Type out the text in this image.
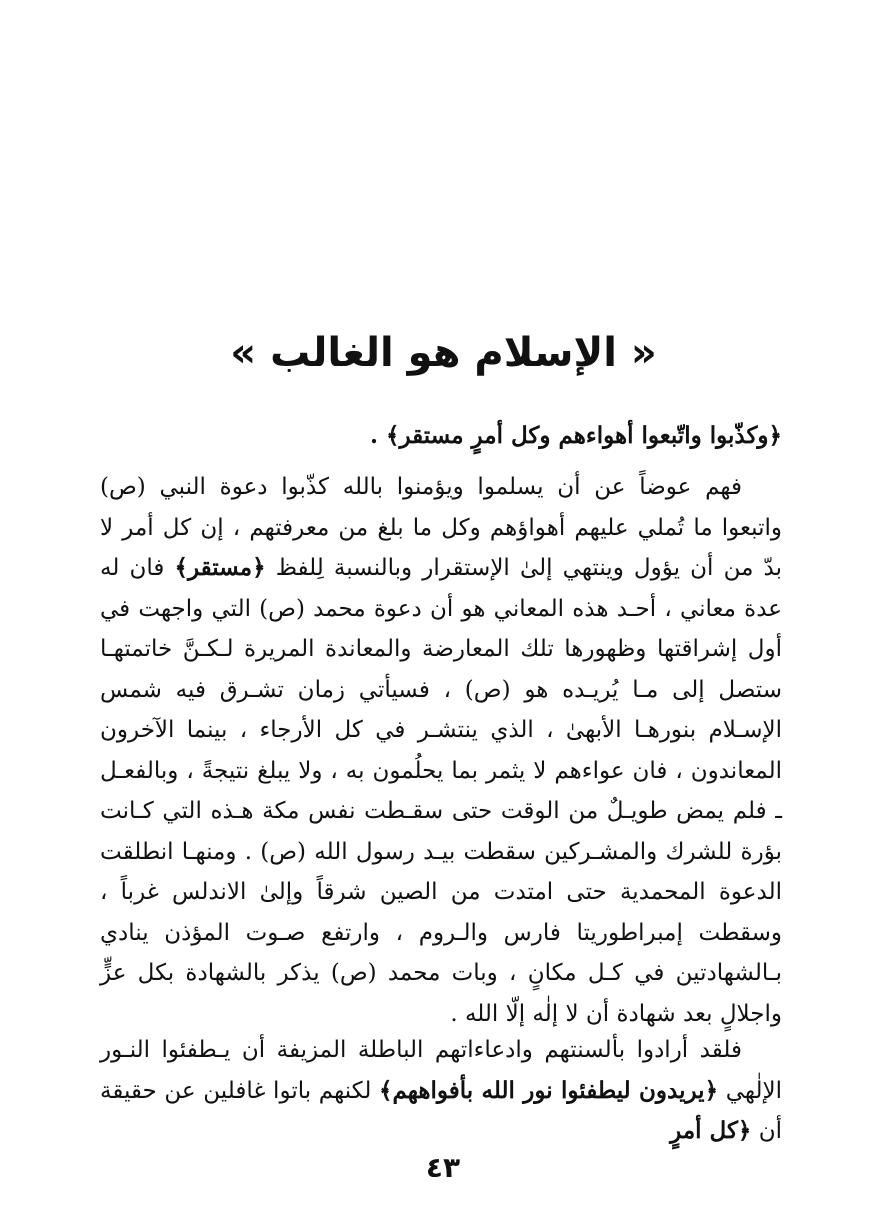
« الإسلام هو الغالب »
﴿وكذّبوا واتّبعوا أهواءهم وكل أمرٍ مستقر﴾ .
فهم عوضاً عن أن يسلموا ويؤمنوا بالله كذّبوا دعوة النبي (ص) واتبعوا ما تُملي عليهم أهواؤهم وكل ما بلغ من معرفتهم ، إن كل أمر لا بدّ من أن يؤول وينتهي إلىٰ الإستقرار وبالنسبة لِلفظ ﴿مستقر﴾ فان له عدة معاني ، أحـد هذه المعاني هو أن دعوة محمد (ص) التي واجهت في أول إشراقتها وظهورها تلك المعارضة والمعاندة المريرة لـكـنَّ خاتمتهـا ستصل إلى مـا يُريـده هو (ص) ، فسيأتي زمان تشـرق فيه شمس الإسـلام بنورهـا الأبهىٰ ، الذي ينتشـر في كل الأرجاء ، بينما الآخرون المعاندون ، فان عواءهم لا يثمر بما يحلُمون به ، ولا يبلغ نتيجةً ، وبالفعـل ـ فلم يمض طويـلٌ من الوقت حتى سقـطت نفس مكة هـذه التي كـانت بؤرة للشرك والمشـركين سقطت بيـد رسول الله (ص) . ومنهـا انطلقت الدعوة المحمدية حتى امتدت من الصين شرقاً وإلىٰ الاندلس غرباً ، وسقطت إمبراطوريتا فارس والـروم ، وارتفع صـوت المؤذن ينادي بـالشهادتين في كـل مكانٍ ، وبات محمد (ص) يذكر بالشهادة بكل عزٍّ واجلالٍ بعد شهادة أن لا إلٰه إلّا الله .
فلقد أرادوا بألسنتهم وادعاءاتهم الباطلة المزيفة أن يـطفئوا النـور الإلٰهي ﴿يريدون ليطفئوا نور الله بأفواههم﴾ لكنهم باتوا غافلين عن حقيقة أن ﴿كل أمرٍ
٤٣
